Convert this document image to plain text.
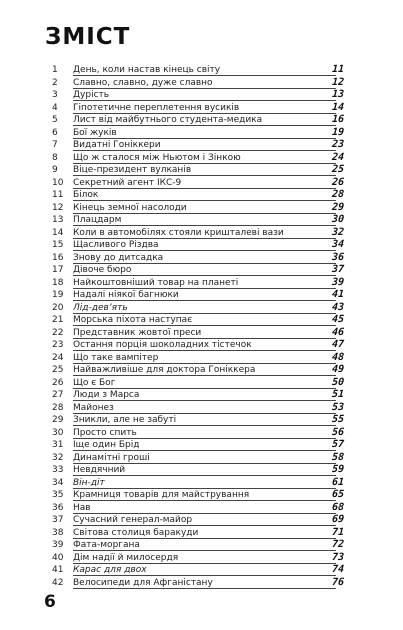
ЗМІСТ
1	День, коли настав кінець світу	11
2	Славно, славно, дуже славно	12
3	Дурість	13
4	Гіпотетичне переплетення вусиків	14
5	Лист від майбутнього студента-медика	16
6	Бої жуків	19
7	Видатні Гоніккери	23
8	Що ж сталося між Ньютом і Зінкою	24
9	Віце-президент вулканів	25
10	Секретний агент ІКС-9	26
11	Білок	28
12	Кінець земної насолоди	29
13	Плацдарм	30
14	Коли в автомобілях стояли кришталеві вази	32
15	Щасливого Різдва	34
16	Знову до дитсадка	36
17	Дівоче бюро	37
18	Найкоштовніший товар на планеті	39
19	Надалі ніякої багнюки	41
20	Лід-дев’ять	43
21	Морська піхота наступає	45
22	Представник жовтої преси	46
23	Остання порція шоколадних тістечок	47
24	Що таке вампітер	48
25	Найважливіше для доктора Гоніккера	49
26	Що є Бог	50
27	Люди з Марса	51
28	Майонез	53
29	Зникли, але не забуті	55
30	Просто спить	56
31	Іще один Брід	57
32	Динамітні гроші	58
33	Невдячний	59
34	Він-діт	61
35	Крамниця товарів для майстрування	65
36	Нав	68
37	Сучасний генерал-майор	69
38	Світова столиця баракуди	71
39	Фата-моргана	72
40	Дім надії й милосердя	73
41	Карас для двох	74
42	Велосипеди для Афганістану	76
6
